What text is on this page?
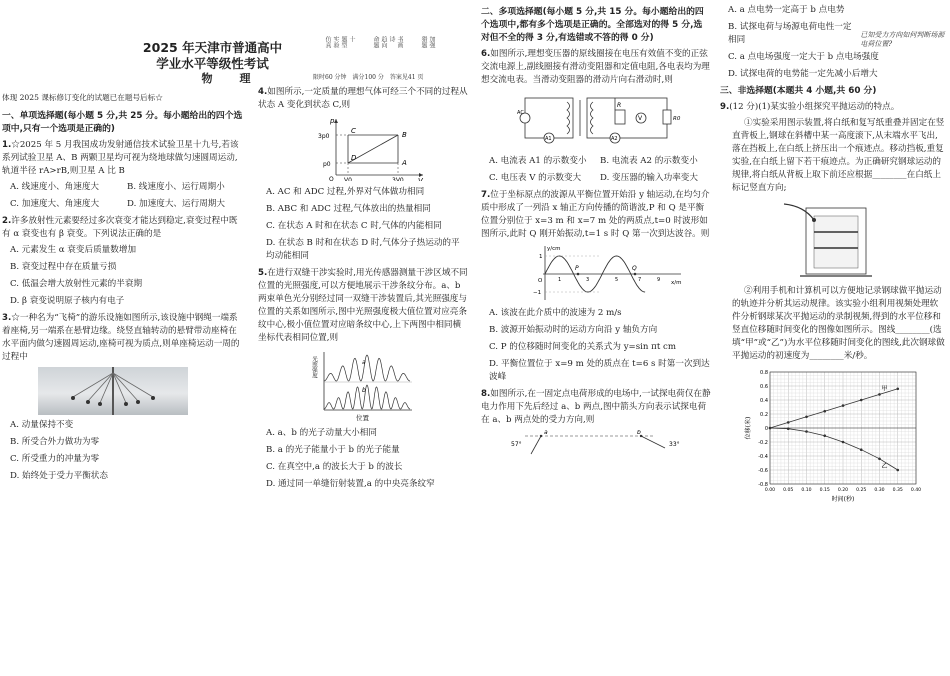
2025 年天津市普通高中
学业水平等级性考试
物　理
仿真 实验 题型 十	命题 趋向 诗 书画	猎题 加强
限时60 分钟　满分100 分　答案见41 页
体现 2025 课标修订变化的试题已在题号后标☆
一、单项选择题(每小题 5 分,共 25 分。每小题给出的四个选项中,只有一个选项是正确的)
1.☆2025 年 5 月我国成功发射通信技术试验卫星十九号,若该系列试验卫星 A、B 两颗卫星均可视为绕地球做匀速圆周运动,轨道半径 rA>rB,则卫星 A 比 B
A. 线速度小、角速度大	B. 线速度小、运行周期小
C. 加速度大、角速度大	D. 加速度大、运行周期大
2.许多放射性元素要经过多次衰变才能达到稳定,衰变过程中既有 α 衰变也有 β 衰变。下列说法正确的是
A. 元素发生 α 衰变后质量数增加
B. 衰变过程中存在质量亏损
C. 低温会增大放射性元素的半衰期
D. β 衰变说明原子核内有电子
3.☆一种名为“飞椅”的游乐设施如图所示,该设施中钢绳一端系着座椅,另一端系在悬臂边缘。绕竖直轴转动的悬臂带动座椅在水平面内做匀速圆周运动,座椅可视为质点,则单座椅运动一周的过程中
A. 动量保持不变
B. 所受合外力做功为零
C. 所受重力的冲量为零
D. 始终处于受力平衡状态
4.如图所示,一定质量的理想气体可经三个不同的过程从状态 A 变化到状态 C,则
p
V
O
3p0
p0
V0	3V0
A
B
C
D
A. AC 和 ADC 过程,外界对气体做功相同
B. ABC 和 ADC 过程,气体放出的热量相同
C. 在状态 A 时和在状态 C 时,气体的内能相同
D. 在状态 B 时和在状态 D 时,气体分子热运动的平均动能相同
5.在进行双缝干涉实验时,用光传感器测量干涉区域不同位置的光照强度,可以方便地展示干涉条纹分布。a、b 两束单色光分别经过同一双缝干涉装置后,其光照强度与位置的关系如图所示,图中光照强度极大值位置对应亮条纹中心,极小值位置对应暗条纹中心,上下两图中相同横坐标代表相同位置,则
光照强度
位置
a
b
A. a、b 的光子动量大小相同
B. a 的光子能量小于 b 的光子能量
C. 在真空中,a 的波长大于 b 的波长
D. 通过同一单缝衍射装置,a 的中央亮条纹窄
二、多项选择题(每小题 5 分,共 15 分。每小题给出的四个选项中,都有多个选项是正确的。全部选对的得 5 分,选对但不全的得 3 分,有选错或不答的得 0 分)
6.如图所示,理想变压器的原线圈接在电压有效值不变的正弦交流电源上,副线圈接有滑动变阻器和定值电阻,各电表均为理想交流电表。当滑动变阻器的滑动片向右滑动时,则
AC
A1	A2
V
R
R0
A. 电流表 A1 的示数变小	B. 电流表 A2 的示数变小
C. 电压表 V 的示数变大	D. 变压器的输入功率变大
7.位于坐标原点的波源从平衡位置开始沿 y 轴运动,在均匀介质中形成了一列沿 x 轴正方向传播的简谐波,P 和 Q 是平衡位置分别位于 x=3 m 和 x=7 m 处的两质点,t=0 时波形如图所示,此时 Q 刚开始振动,t=1 s 时 Q 第一次到达波谷。则
y/cm
x/m
1
−1
O
P	Q
1	3	5	7	9
A. 该波在此介质中的波速为 2 m/s
B. 波源开始振动时的运动方向沿 y 轴负方向
C. P 的位移随时间变化的关系式为 y=sin πt cm
D. 平衡位置位于 x=9 m 处的质点在 t=6 s 时第一次到达波峰
8.如图所示,在一固定点电荷形成的电场中,一试探电荷仅在静电力作用下先后经过 a、b 两点,图中箭头方向表示试探电荷在 a、b 两点处的受力方向,则
a	b
57°	33°
A. a 点电势一定高于 b 点电势
B. 试探电荷与场源电荷电性一定相同	已知受力方向如何判断场源电荷位置?
C. a 点电场强度一定大于 b 点电场强度
D. 试探电荷的电势能一定先减小后增大
三、非选择题(本题共 4 小题,共 60 分)
9.(12 分)(1)某实验小组探究平抛运动的特点。
①实验采用图示装置,将白纸和复写纸重叠并固定在竖直背板上,钢球在斜槽中某一高度滚下,从末端水平飞出,落在挡板上,在白纸上挤压出一个痕迹点。移动挡板,重复实验,在白纸上留下若干痕迹点。为正确研究钢球运动的规律,将白纸从背板上取下前还应根据________在白纸上标记竖直方向;
②利用手机和计算机可以方便地记录钢球做平抛运动的轨迹并分析其运动规律。该实验小组利用视频处理软件分析钢球某次平抛运动的录制视频,得到的水平位移和竖直位移随时间变化的图像如图所示。图线________(选填“甲”或“乙”)为水平位移随时间变化的图线,此次钢球做平抛运动的初速度为________米/秒。
0.8
0.6
0.4
0.2
0
-0.2
-0.4
-0.6
-0.8
0.00 0.05 0.10 0.15 0.20 0.25 0.30 0.35 0.40
时间(秒)
位移(米)
甲
乙
